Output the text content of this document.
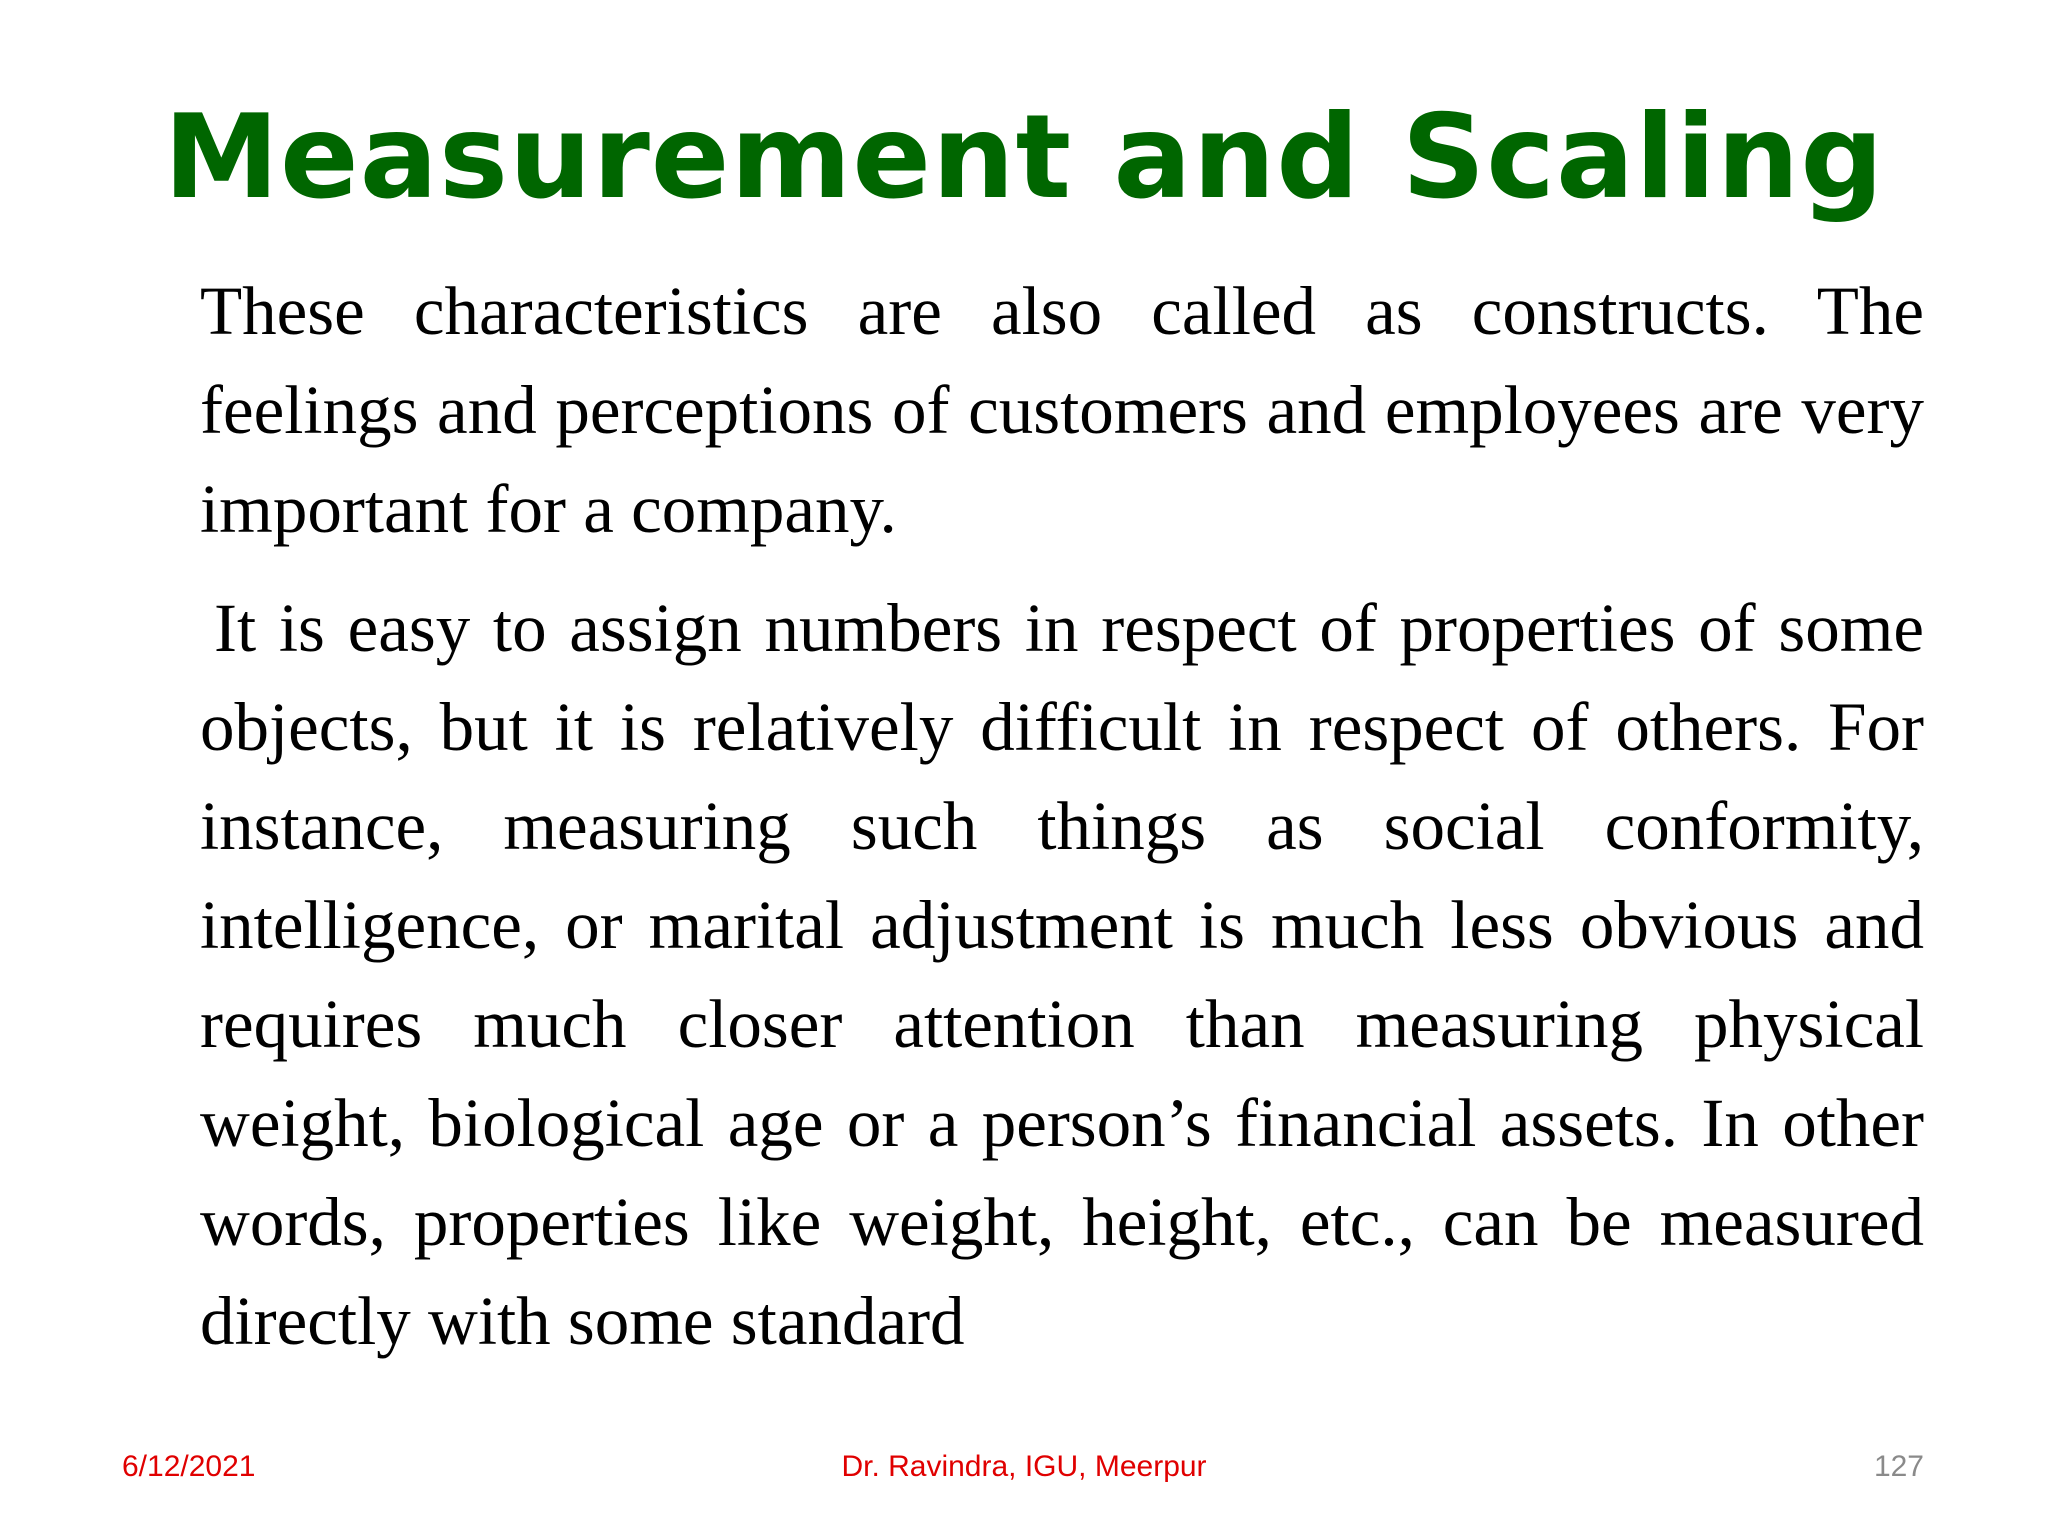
Measurement and Scaling

These characteristics are also called as constructs. The feelings and perceptions of customers and employees are very important for a company.

It is easy to assign numbers in respect of properties of some objects, but it is relatively difficult in respect of others. For instance, measuring such things as social conformity, intelligence, or marital adjustment is much less obvious and requires much closer attention than measuring physical weight, biological age or a person’s financial assets. In other words, properties like weight, height, etc., can be measured directly with some standard

6/12/2021	Dr. Ravindra, IGU, Meerpur	127
